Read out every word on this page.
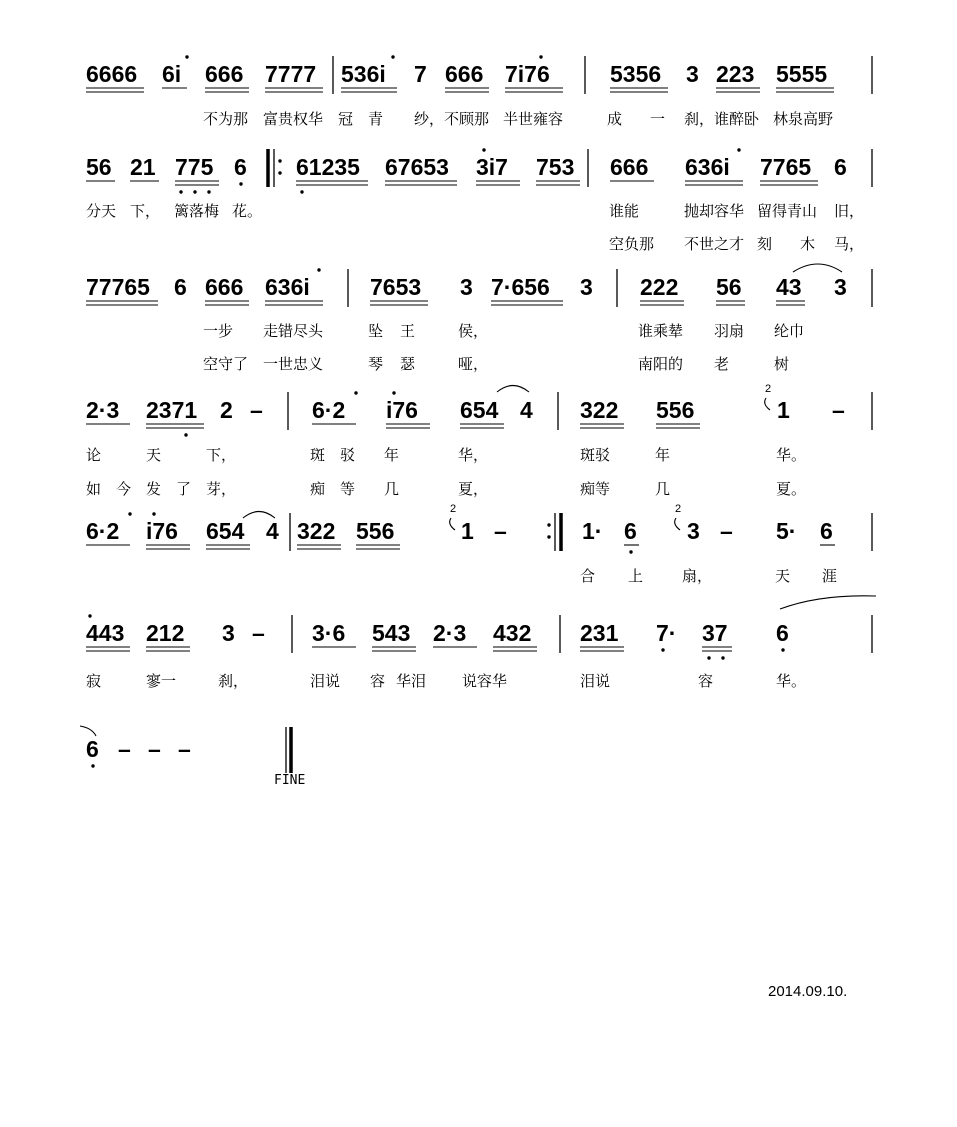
6666 6i 666 7777 536i 7 666 7i76	5356 3 223 5555
不为那 富贵权华 冠 青 纱，不顾那 半世雍容	成 一 刹，谁醉卧 林泉高野
56 21 775 6 61235 67653 3i7 753 666 636i 7765 6
分天 下， 篱落梅 花。	谁能	抛却容华 留得青山 旧，
空负那 不世之才 刻 木 马，
77765 6 666 636i	7653 3 7·656 3 222 56 43 3
一步 走错尽头	坠 王	侯，	谁乘辇 羽扇 纶巾
空守了 一世忠义	琴 瑟	哑，	南阳的 老	树
2·3 2371 2 – 6·2 i76 654 4 322 556	1 –
论	天	下，	斑 驳 年	华，	斑驳	年	华。
如 今 发 了 芽，	痴 等 几	夏，	痴等	几	夏。
6·2 i76 654 4 322 556	1 –	1· 6 3 – 5· 6
合 上	扇，	天 涯
443 212 3 – 3·6 543 2·3 432 231 7· 37 6
寂	寥一	刹，	泪说 容 华泪 说容华	泪说	容	华。
6 – – –
2
2	2
FINE
2014.09.10.
